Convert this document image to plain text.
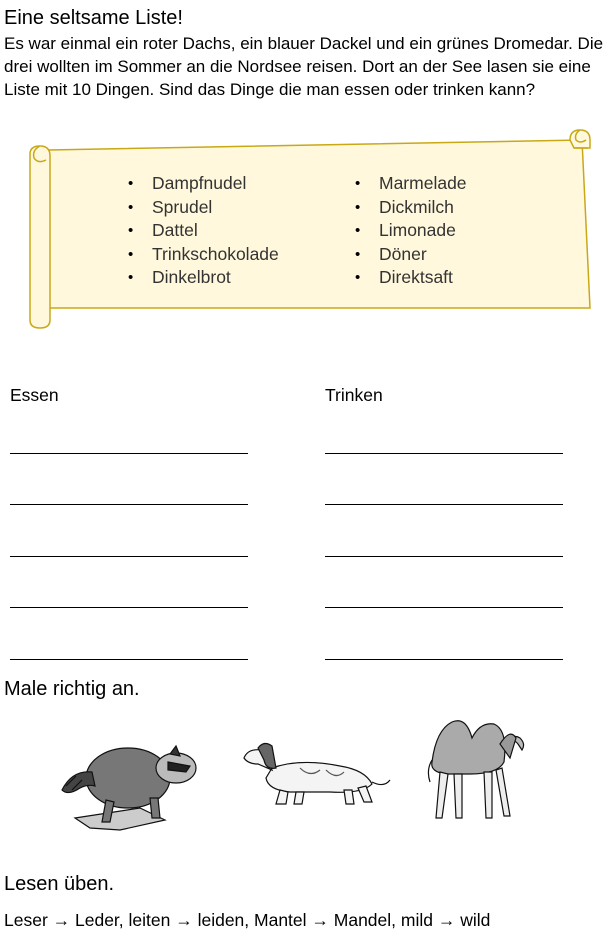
Eine seltsame Liste!
Es war einmal ein roter Dachs, ein blauer Dackel und ein grünes Dromedar. Die drei wollten im Sommer an die Nordsee reisen. Dort an der See lasen sie eine Liste mit 10 Dingen. Sind das Dinge die man essen oder trinken kann?
• Dampfnudel
• Sprudel
• Dattel
• Trinkschokolade
• Dinkelbrot
• Marmelade
• Dickmilch
• Limonade
• Döner
• Direktsaft
Essen	Trinken
Male richtig an.
Lesen üben.
Leser → Leder, leiten → leiden, Mantel → Mandel, mild → wild
